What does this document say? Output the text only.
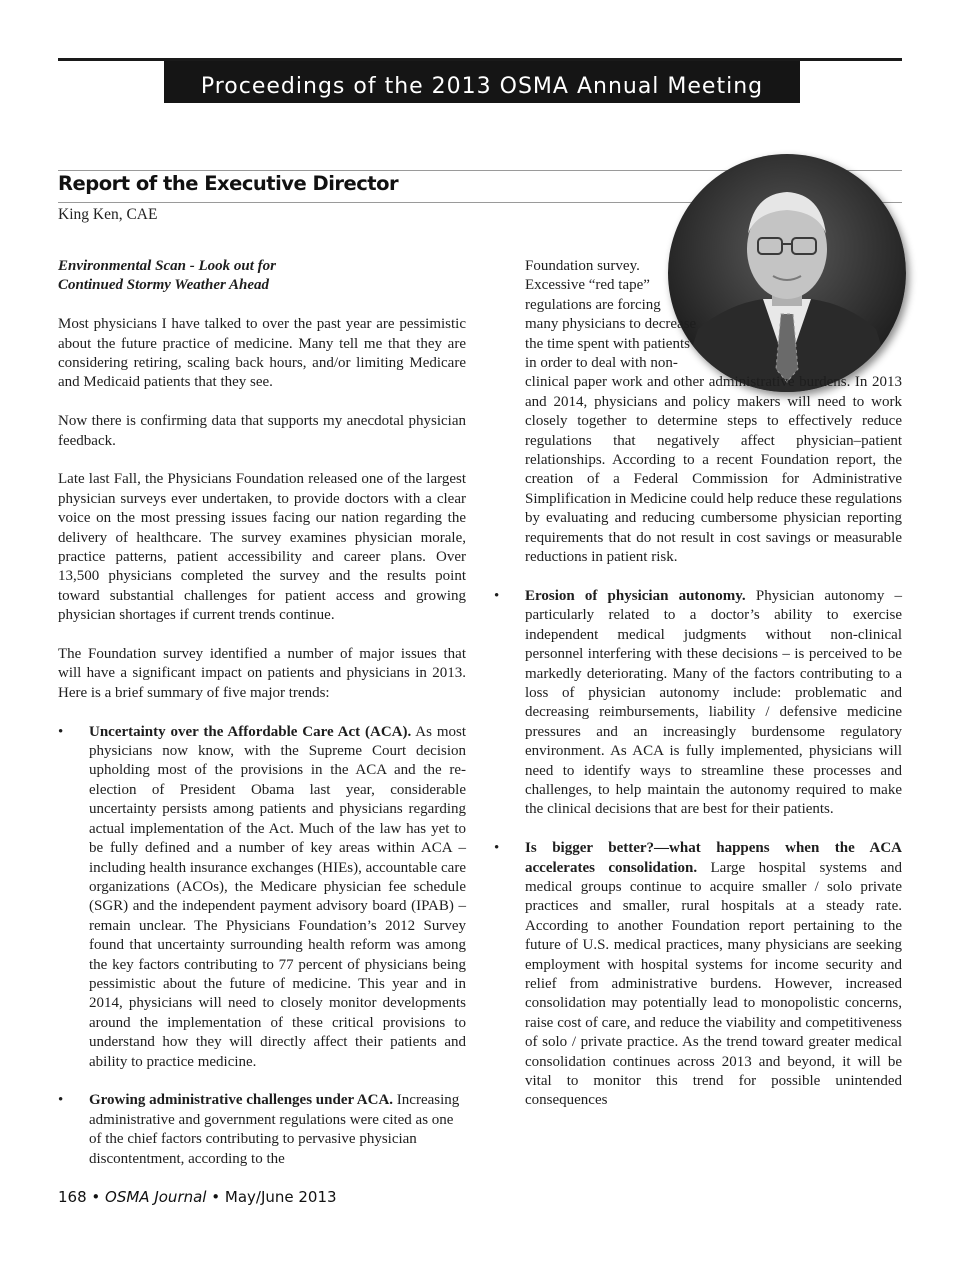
Proceedings of the 2013 OSMA Annual Meeting
Report of the Executive Director
King Ken, CAE

Environmental Scan - Look out for
Continued Stormy Weather Ahead

Most physicians I have talked to over the past year are pessimistic about the future practice of medicine. Many tell me that they are considering retiring, scaling back hours, and/or limiting Medicare and Medicaid patients that they see.

Now there is confirming data that supports my anecdotal physician feedback.

Late last Fall, the Physicians Foundation released one of the largest physician surveys ever undertaken, to provide doctors with a clear voice on the most pressing issues facing our nation regarding the delivery of healthcare. The survey examines physician morale, practice patterns, patient accessibility and career plans. Over 13,500 physicians completed the survey and the results point toward substantial challenges for patient access and growing physician shortages if current trends continue.

The Foundation survey identified a number of major issues that will have a significant impact on patients and physicians in 2013. Here is a brief summary of five major trends:

• Uncertainty over the Affordable Care Act (ACA). As most physicians now know, with the Supreme Court decision upholding most of the provisions in the ACA and the re-election of President Obama last year, considerable uncertainty persists among patients and physicians regarding actual implementation of the Act. Much of the law has yet to be fully defined and a number of key areas within ACA – including health insurance exchanges (HIEs), accountable care organizations (ACOs), the Medicare physician fee schedule (SGR) and the independent payment advisory board (IPAB) – remain unclear. The Physicians Foundation’s 2012 Survey found that uncertainty surrounding health reform was among the key factors contributing to 77 percent of physicians being pessimistic about the future of medicine. This year and in 2014, physicians will need to closely monitor developments around the implementation of these critical provisions to understand how they will directly affect their patients and ability to practice medicine.

• Growing administrative challenges under ACA. Increasing administrative and government regulations were cited as one of the chief factors contributing to pervasive physician discontentment, according to the

Foundation survey. Excessive “red tape” regulations are forcing many physicians to decrease the time spent with patients in order to deal with non-

clinical paper work and other administrative burdens. In 2013 and 2014, physicians and policy makers will need to work closely together to determine steps to effectively reduce regulations that negatively affect physician–patient relationships. According to a recent Foundation report, the creation of a Federal Commission for Administrative Simplification in Medicine could help reduce these regulations by evaluating and reducing cumbersome physician reporting requirements that do not result in cost savings or measurable reductions in patient risk.

• Erosion of physician autonomy. Physician autonomy – particularly related to a doctor’s ability to exercise independent medical judgments without non-clinical personnel interfering with these decisions – is perceived to be markedly deteriorating. Many of the factors contributing to a loss of physician autonomy include: problematic and decreasing reimbursements, liability / defensive medicine pressures and an increasingly burdensome regulatory environment. As ACA is fully implemented, physicians will need to identify ways to streamline these processes and challenges, to help maintain the autonomy required to make the clinical decisions that are best for their patients.

• Is bigger better?—what happens when the ACA accelerates consolidation. Large hospital systems and medical groups continue to acquire smaller / solo private practices and smaller, rural hospitals at a steady rate. According to another Foundation report pertaining to the future of U.S. medical practices, many physicians are seeking employment with hospital systems for income security and relief from administrative burdens. However, increased consolidation may potentially lead to monopolistic concerns, raise cost of care, and reduce the viability and competitiveness of solo / private practice. As the trend toward greater medical consolidation continues across 2013 and beyond, it will be vital to monitor this trend for possible unintended consequences

168 • OSMA Journal • May/June 2013
